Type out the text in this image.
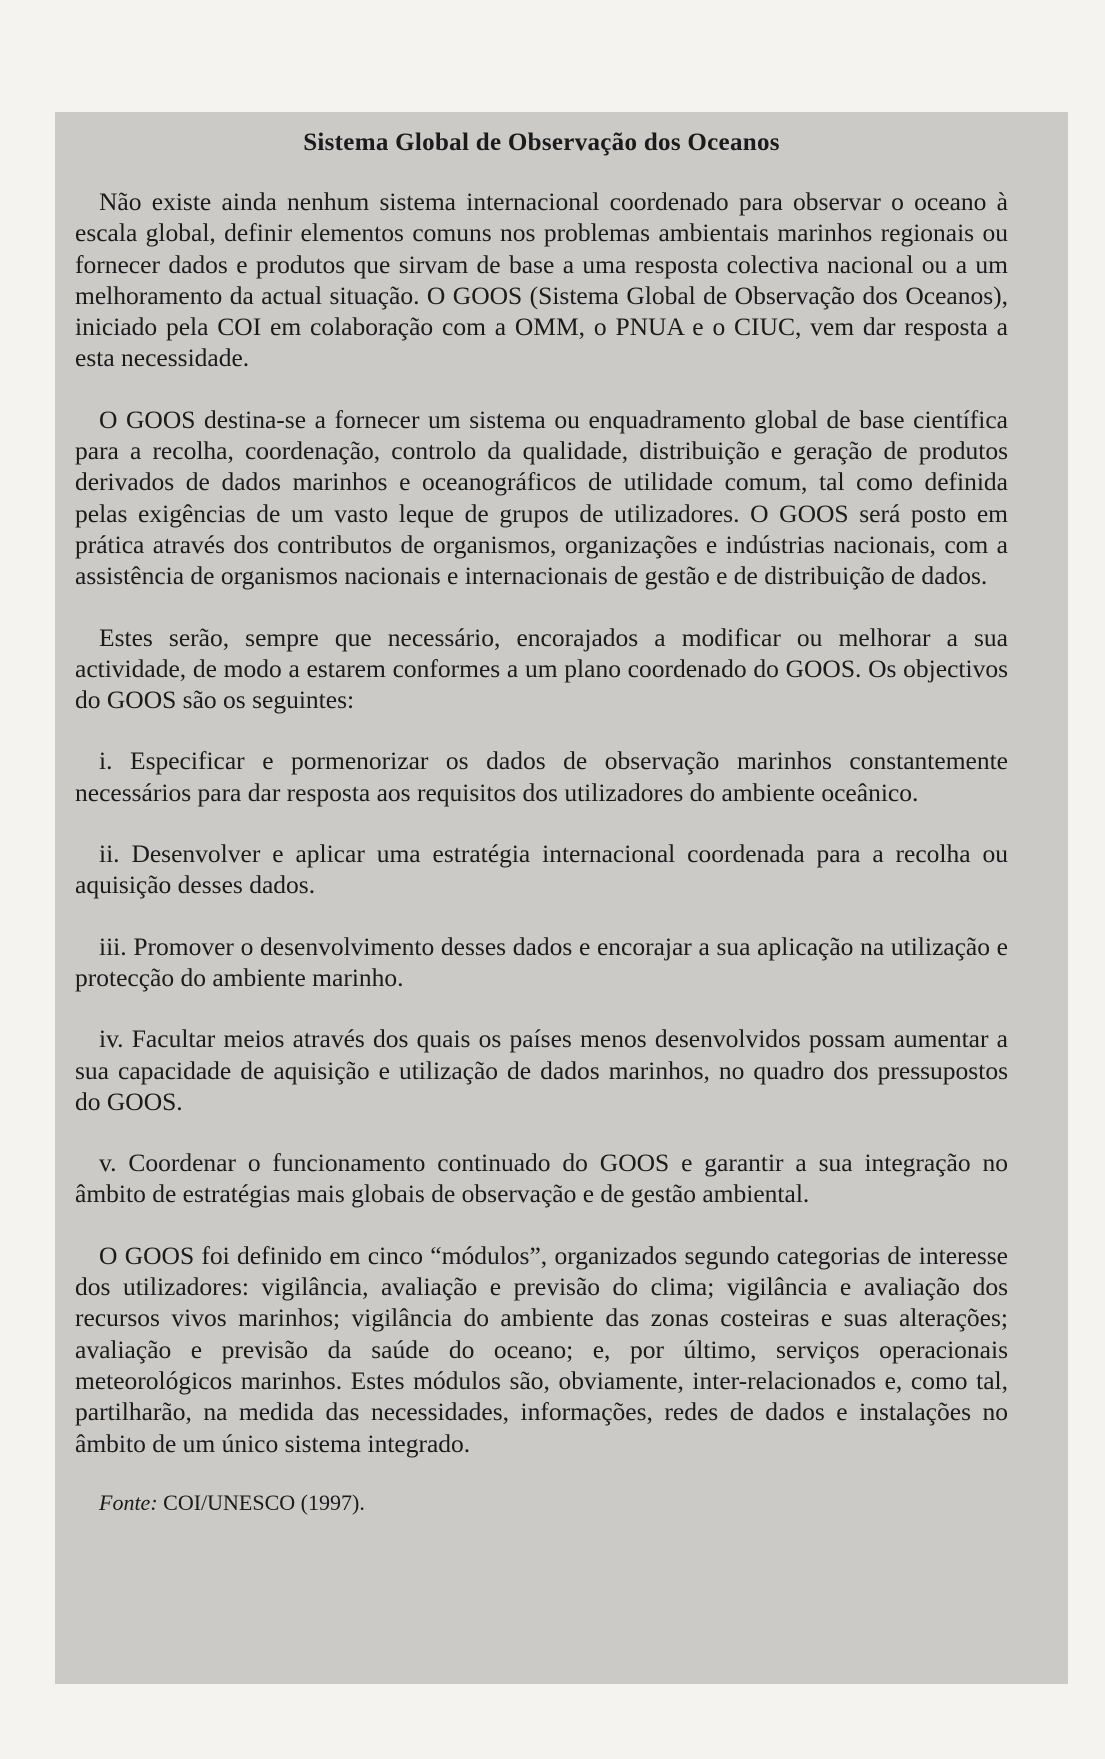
Sistema Global de Observação dos Oceanos

Não existe ainda nenhum sistema internacional coordenado para observar o oceano à escala global, definir elementos comuns nos problemas ambientais marinhos regionais ou fornecer dados e produtos que sirvam de base a uma resposta colectiva nacional ou a um melhoramento da actual situação. O GOOS (Sistema Global de Observação dos Oceanos), iniciado pela COI em colaboração com a OMM, o PNUA e o CIUC, vem dar resposta a esta necessidade.

O GOOS destina-se a fornecer um sistema ou enquadramento global de base científica para a recolha, coordenação, controlo da qualidade, distribuição e geração de produtos derivados de dados marinhos e oceanográficos de utilidade comum, tal como definida pelas exigências de um vasto leque de grupos de utilizadores. O GOOS será posto em prática através dos contributos de organismos, organizações e indústrias nacionais, com a assistência de organismos nacionais e internacionais de gestão e de distribuição de dados.

Estes serão, sempre que necessário, encorajados a modificar ou melhorar a sua actividade, de modo a estarem conformes a um plano coordenado do GOOS. Os objectivos do GOOS são os seguintes:

i. Especificar e pormenorizar os dados de observação marinhos constantemente necessários para dar resposta aos requisitos dos utilizadores do ambiente oceânico.

ii. Desenvolver e aplicar uma estratégia internacional coordenada para a recolha ou aquisição desses dados.

iii. Promover o desenvolvimento desses dados e encorajar a sua aplicação na utilização e protecção do ambiente marinho.

iv. Facultar meios através dos quais os países menos desenvolvidos possam aumentar a sua capacidade de aquisição e utilização de dados marinhos, no quadro dos pressupostos do GOOS.

v. Coordenar o funcionamento continuado do GOOS e garantir a sua integração no âmbito de estratégias mais globais de observação e de gestão ambiental.

O GOOS foi definido em cinco “módulos”, organizados segundo categorias de interesse dos utilizadores: vigilância, avaliação e previsão do clima; vigilância e avaliação dos recursos vivos marinhos; vigilância do ambiente das zonas costeiras e suas alterações; avaliação e previsão da saúde do oceano; e, por último, serviços operacionais meteorológicos marinhos. Estes módulos são, obviamente, inter-relacionados e, como tal, partilharão, na medida das necessidades, informações, redes de dados e instalações no âmbito de um único sistema integrado.

Fonte: COI/UNESCO (1997).
